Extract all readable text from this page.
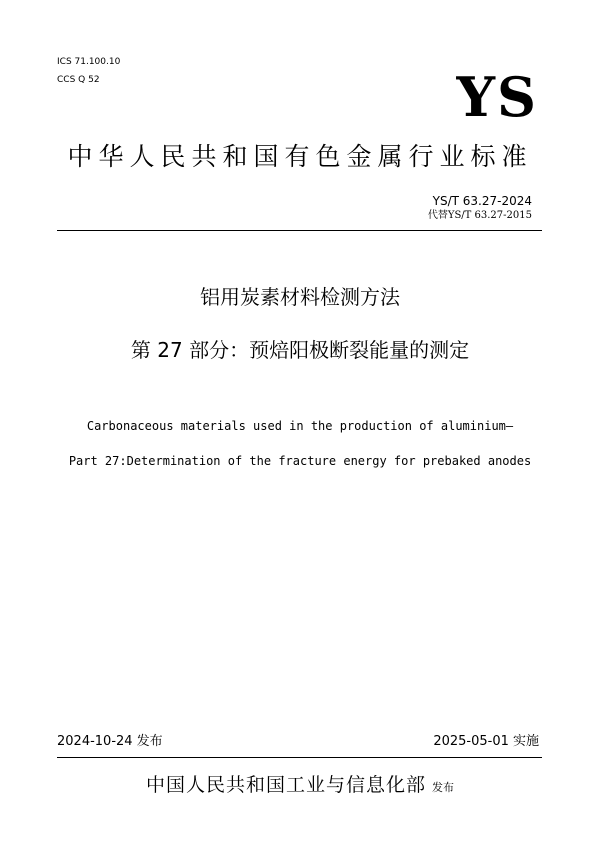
ICS 71.100.10
CCS Q 52	YS
中华人民共和国有色金属行业标准
YS/T 63.27-2024
代替YS/T 63.27-2015
铝用炭素材料检测方法
第 27 部分：预焙阳极断裂能量的测定
Carbonaceous materials used in the production of aluminium—
Part 27:Determination of the fracture energy for prebaked anodes
2024-10-24 发布	2025-05-01 实施
中国人民共和国工业与信息化部 发布
